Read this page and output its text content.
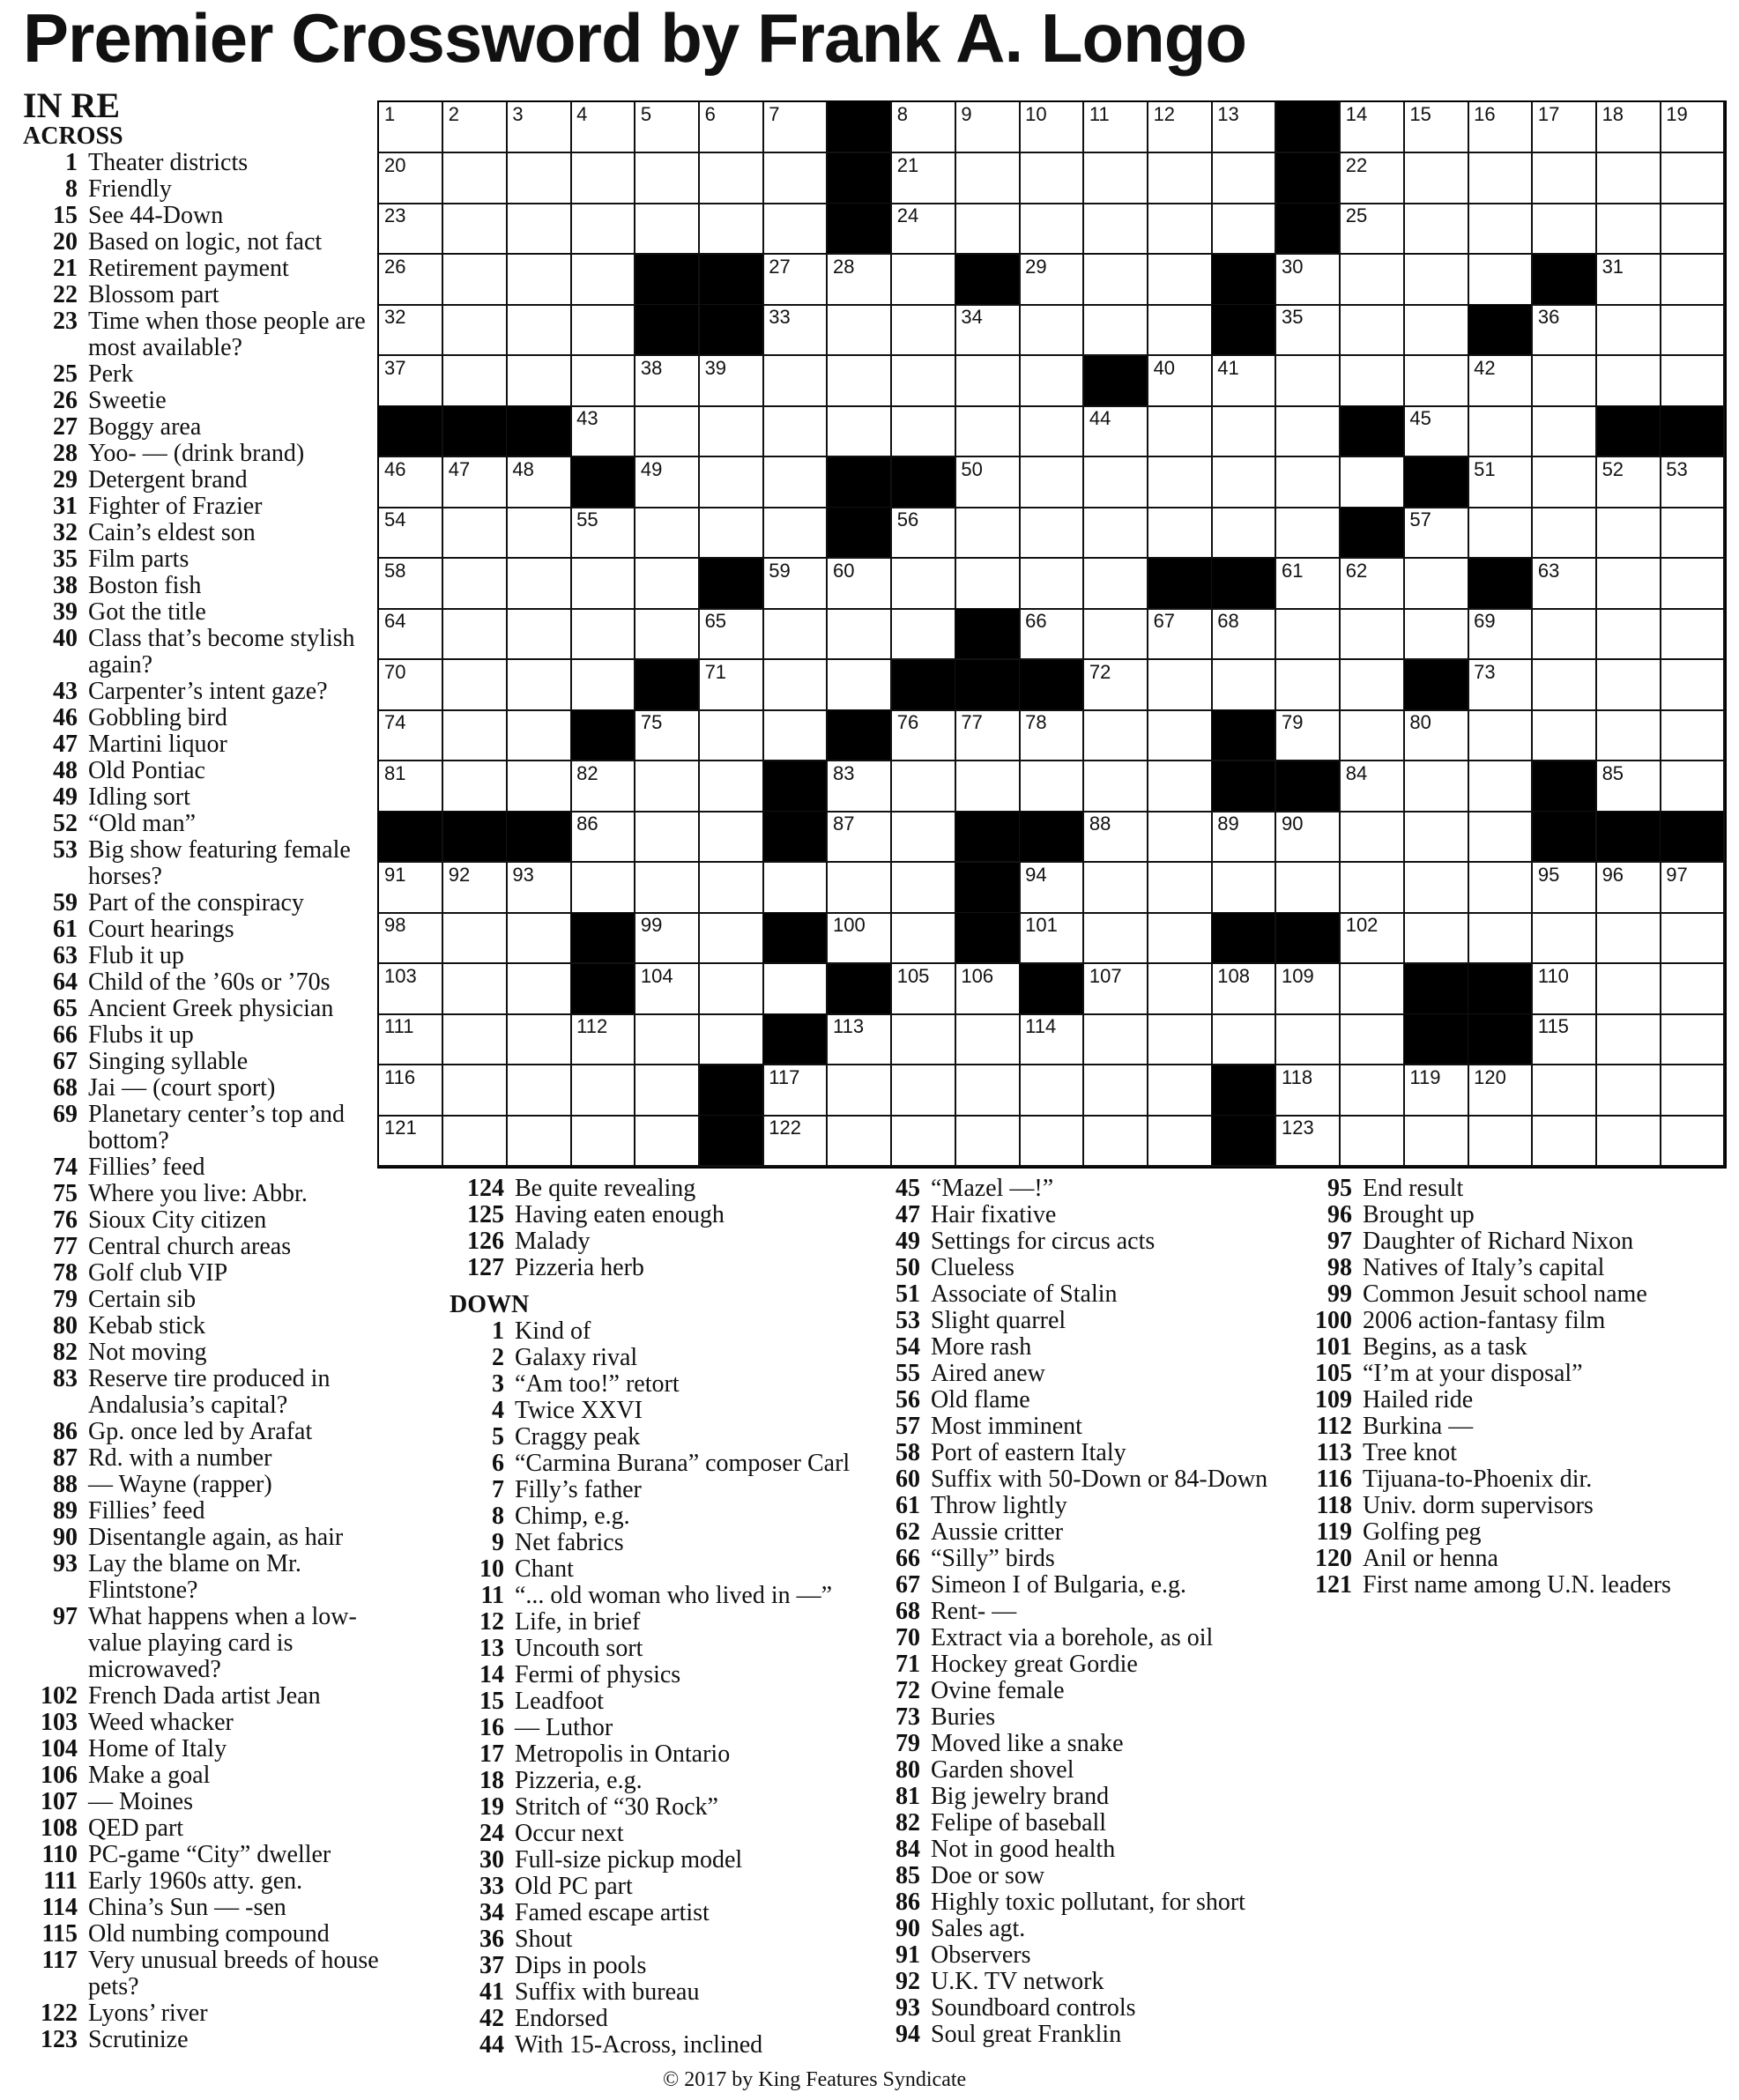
Premier Crossword by Frank A. Longo
IN RE	1	2	3	4	5	6	7	8	9	10 11 12 13	14 15 16 17 18 19
20	21	22
23	24	25
26	27 28	29	30	31
32	33	34	35	36
37	38 39	40 41	42
43	44	45
46 47 48	49	50	51	52 53
54	55	56	57
58	59 60	61 62	63
64	65	66	67 68	69
70	71	72	73
74	75	76 77 78	79	80
81	82	83	84	85
86	87	88	89 90
91 92 93	94	95 96 97
98	99	100	101	102
103	104	105 106	107	108 109	110
111	112	113	114	115
116	117	118	119 120
121	122	123
ACROSS
1 Theater districts
8 Friendly
15 See 44-Down
20 Based on logic, not fact
21 Retirement payment
22 Blossom part
23 Time when those people are most available?
25 Perk
26 Sweetie
27 Boggy area
28 Yoo- — (drink brand)
29 Detergent brand
31 Fighter of Frazier
32 Cain’s eldest son
35 Film parts
38 Boston fish
39 Got the title
40 Class that’s become stylish again?
43 Carpenter’s intent gaze?
46 Gobbling bird
47 Martini liquor
48 Old Pontiac
49 Idling sort
52 “Old man”
53 Big show featuring female horses?
59 Part of the conspiracy
61 Court hearings
63 Flub it up
64 Child of the ’60s or ’70s
65 Ancient Greek physician
66 Flubs it up
67 Singing syllable
68 Jai — (court sport)
69 Planetary center’s top and bottom?
74 Fillies’ feed
75 Where you live: Abbr.
76 Sioux City citizen
77 Central church areas
78 Golf club VIP
79 Certain sib
80 Kebab stick
82 Not moving
83 Reserve tire produced in Andalusia’s capital?
86 Gp. once led by Arafat
87 Rd. with a number
88 — Wayne (rapper)
89 Fillies’ feed
90 Disentangle again, as hair
93 Lay the blame on Mr. Flintstone?
97 What happens when a low-value playing card is microwaved?
102 French Dada artist Jean
103 Weed whacker
104 Home of Italy
106 Make a goal
107 — Moines
108 QED part
110 PC-game “City” dweller
111 Early 1960s atty. gen.
114 China’s Sun — -sen
115 Old numbing compound
117 Very unusual breeds of house pets?
122 Lyons’ river
123 Scrutinize
124 Be quite revealing
125 Having eaten enough
126 Malady
127 Pizzeria herb
DOWN
1 Kind of
2 Galaxy rival
3 “Am too!” retort
4 Twice XXVI
5 Craggy peak
6 “Carmina Burana” composer Carl
7 Filly’s father
8 Chimp, e.g.
9 Net fabrics
10 Chant
11 “... old woman who lived in —”
12 Life, in brief
13 Uncouth sort
14 Fermi of physics
15 Leadfoot
16 — Luthor
17 Metropolis in Ontario
18 Pizzeria, e.g.
19 Stritch of “30 Rock”
24 Occur next
30 Full-size pickup model
33 Old PC part
34 Famed escape artist
36 Shout
37 Dips in pools
41 Suffix with bureau
42 Endorsed
44 With 15-Across, inclined
45 “Mazel —!”
47 Hair fixative
49 Settings for circus acts
50 Clueless
51 Associate of Stalin
53 Slight quarrel
54 More rash
55 Aired anew
56 Old flame
57 Most imminent
58 Port of eastern Italy
60 Suffix with 50-Down or 84-Down
61 Throw lightly
62 Aussie critter
66 “Silly” birds
67 Simeon I of Bulgaria, e.g.
68 Rent- —
70 Extract via a borehole, as oil
71 Hockey great Gordie
72 Ovine female
73 Buries
79 Moved like a snake
80 Garden shovel
81 Big jewelry brand
82 Felipe of baseball
84 Not in good health
85 Doe or sow
86 Highly toxic pollutant, for short
90 Sales agt.
91 Observers
92 U.K. TV network
93 Soundboard controls
94 Soul great Franklin
95 End result
96 Brought up
97 Daughter of Richard Nixon
98 Natives of Italy’s capital
99 Common Jesuit school name
100 2006 action-fantasy film
101 Begins, as a task
105 “I’m at your disposal”
109 Hailed ride
112 Burkina —
113 Tree knot
116 Tijuana-to-Phoenix dir.
118 Univ. dorm supervisors
119 Golfing peg
120 Anil or henna
121 First name among U.N. leaders
© 2017 by King Features Syndicate
